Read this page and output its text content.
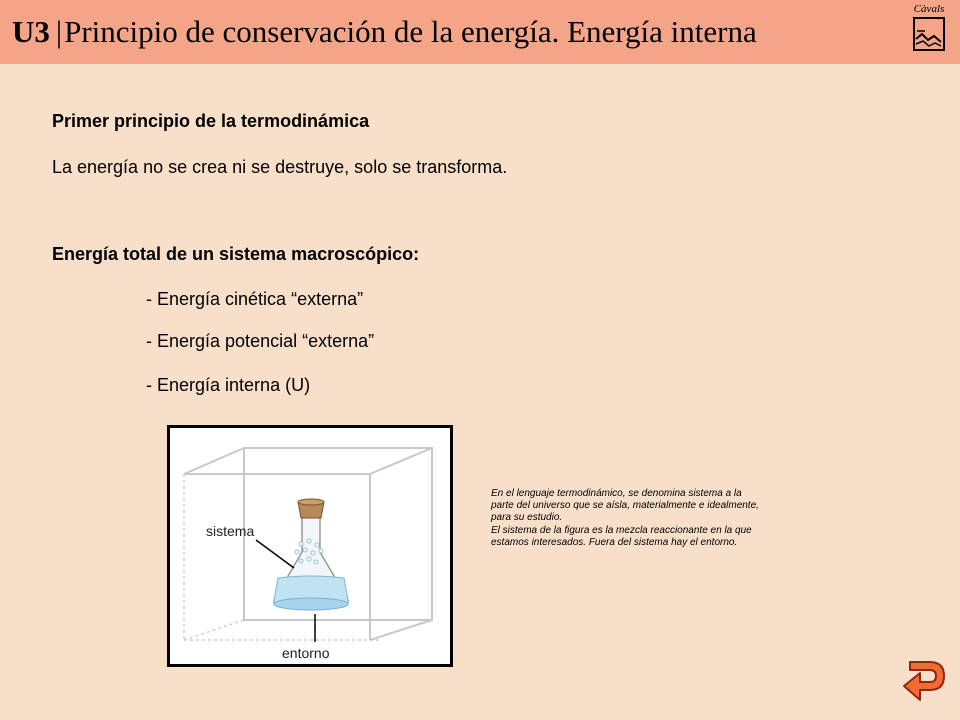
U3 |Principio de conservación de la energía. Energía interna
Càvals
Primer principio de la termodinámica
La energía no se crea ni se destruye, solo se transforma.
Energía total de un sistema macroscópico:
- Energía cinética “externa”
- Energía potencial “externa”
- Energía interna (U)
sistema
entorno

En el lenguaje termodinámico, se denomina sistema a la parte del universo que se aísla, materialmente e idealmente, para su estudio.

El sistema de la figura es la mezcla reaccionante en la que estamos interesados. Fuera del sistema hay el entorno.
